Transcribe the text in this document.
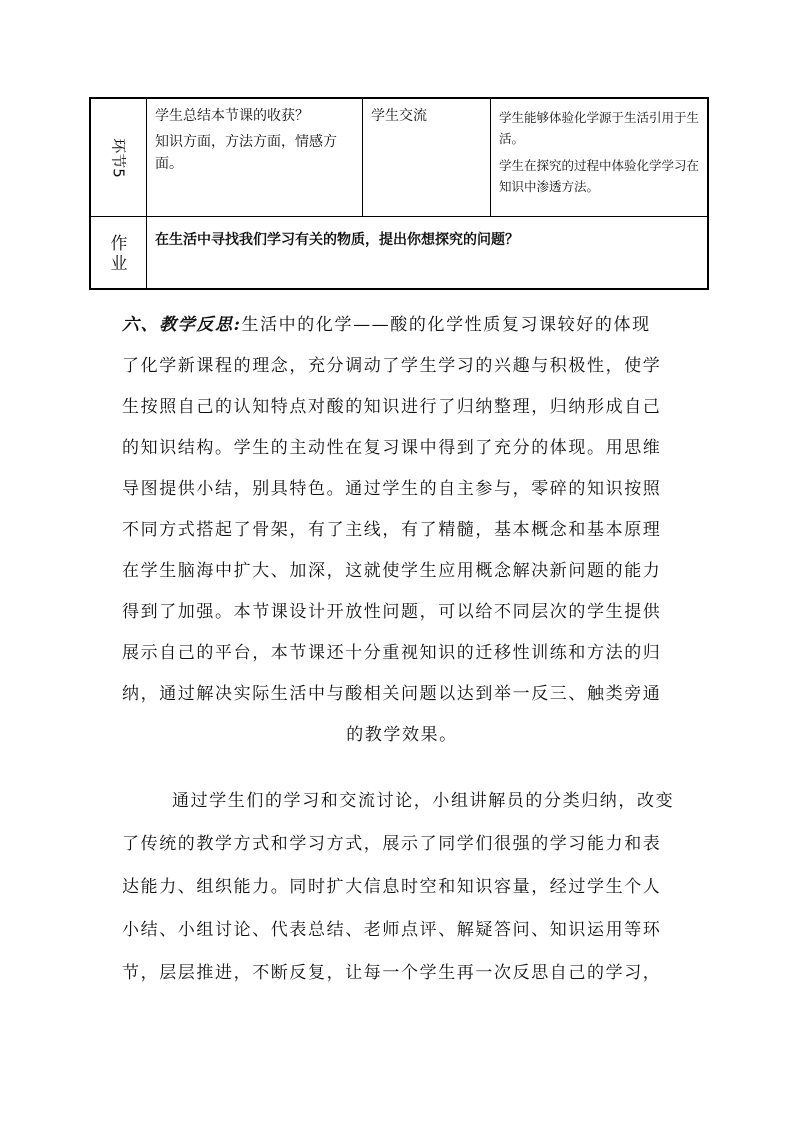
环节5

学生总结本节课的收获？

知识方面，方法方面，情感方面。

学生交流	学生能够体验化学源于生活引用于生活。

学生在探究的过程中体验化学学习在知识中渗透方法。

作
业
在生活中寻找我们学习有关的物质，提出你想探究的问题？
六、教学反思:生活中的化学——酸的化学性质复习课较好的体现
了化学新课程的理念，充分调动了学生学习的兴趣与积极性，使学
生按照自己的认知特点对酸的知识进行了归纳整理，归纳形成自己
的知识结构。学生的主动性在复习课中得到了充分的体现。用思维
导图提供小结，别具特色。通过学生的自主参与，零碎的知识按照
不同方式搭起了骨架，有了主线，有了精髓，基本概念和基本原理
在学生脑海中扩大、加深，这就使学生应用概念解决新问题的能力
得到了加强。本节课设计开放性问题，可以给不同层次的学生提供
展示自己的平台，本节课还十分重视知识的迁移性训练和方法的归
纳，通过解决实际生活中与酸相关问题以达到举一反三、触类旁通
的教学效果。
通过学生们的学习和交流讨论，小组讲解员的分类归纳，改变
了传统的教学方式和学习方式，展示了同学们很强的学习能力和表
达能力、组织能力。同时扩大信息时空和知识容量，经过学生个人
小结、小组讨论、代表总结、老师点评、解疑答问、知识运用等环
节，层层推进，不断反复，让每一个学生再一次反思自己的学习，
